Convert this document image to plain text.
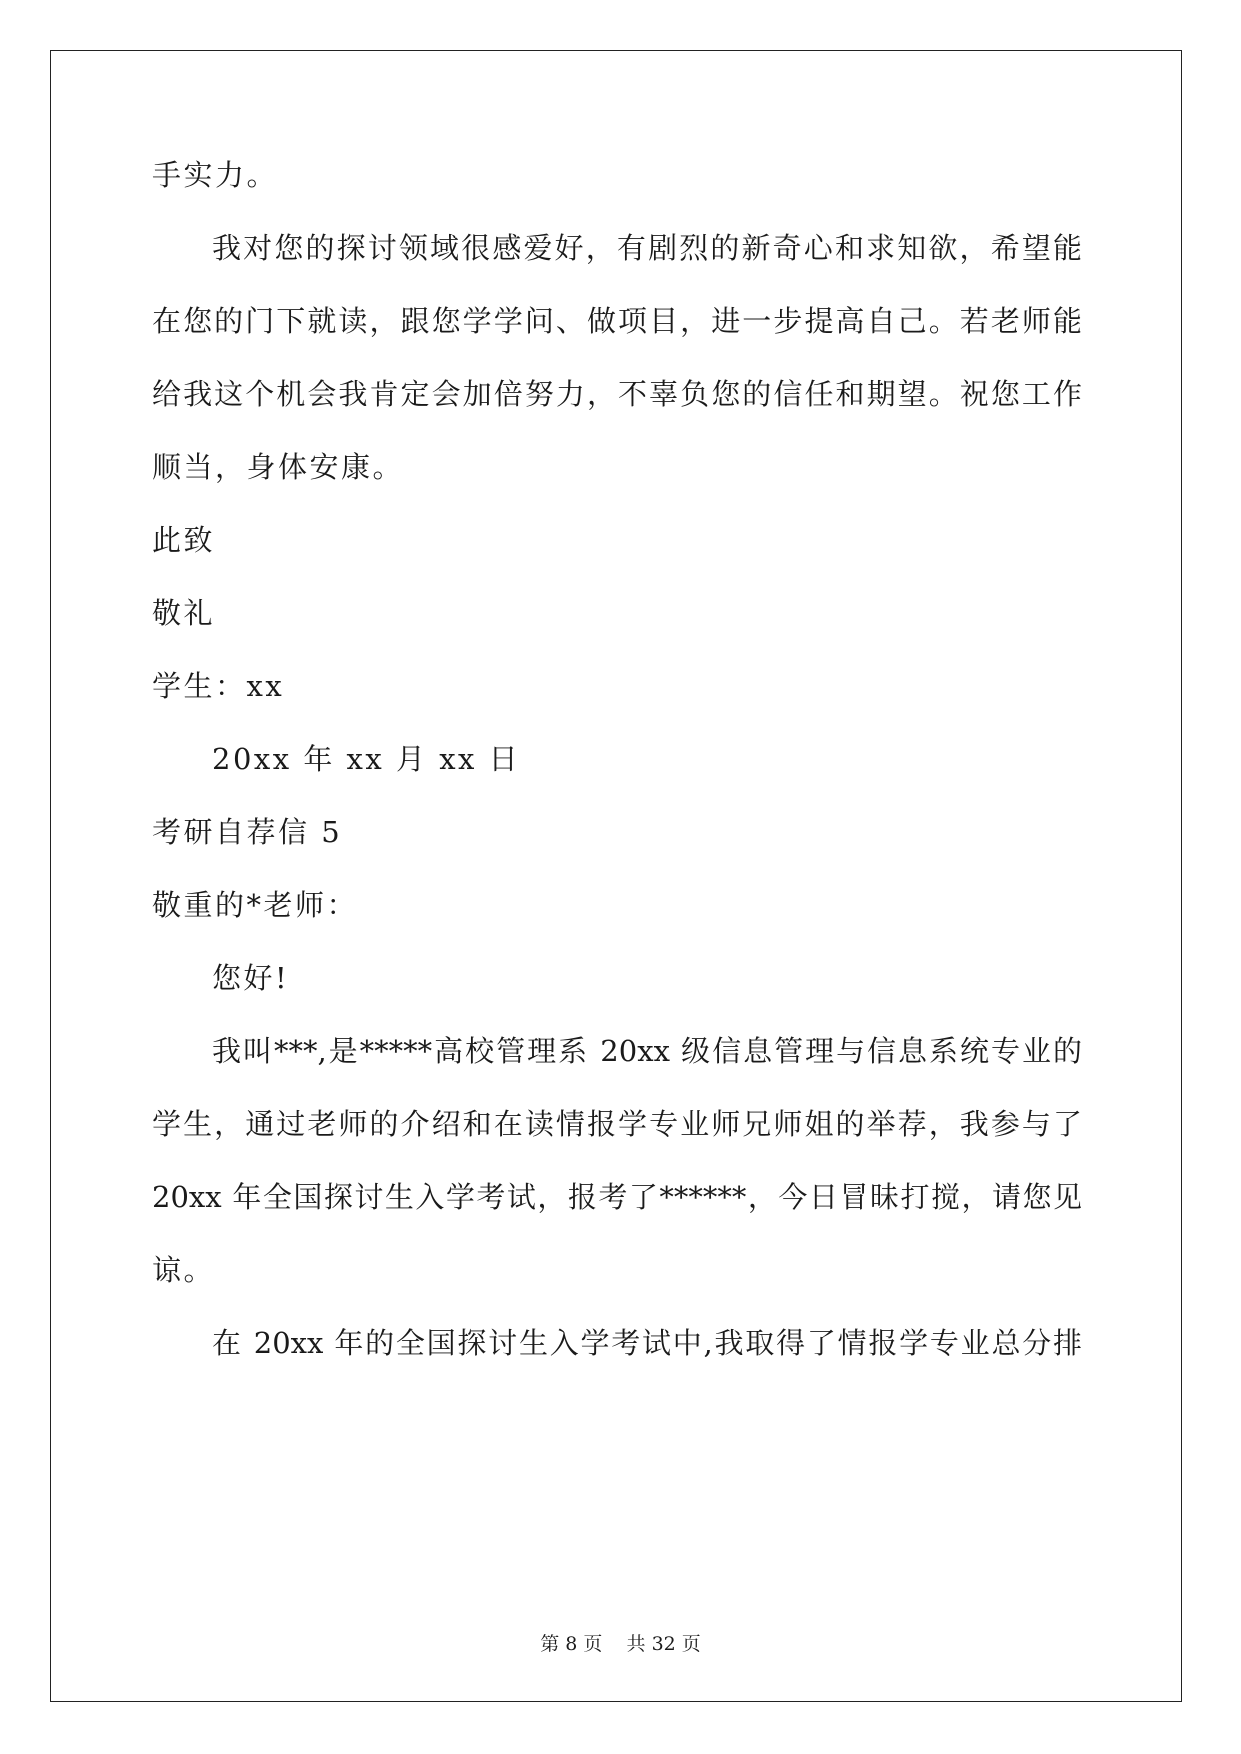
手实力。
我对您的探讨领域很感爱好，有剧烈的新奇心和求知欲，希望能
在您的门下就读，跟您学学问、做项目，进一步提高自己。若老师能
给我这个机会我肯定会加倍努力，不辜负您的信任和期望。祝您工作
顺当，身体安康。
此致
敬礼
学生：xx
20xx 年 xx 月 xx 日
考研自荐信 5
敬重的*老师：
您好!
我叫***,是*****高校管理系 20xx 级信息管理与信息系统专业的
学生，通过老师的介绍和在读情报学专业师兄师姐的举荐，我参与了
20xx 年全国探讨生入学考试，报考了******，今日冒昧打搅，请您见
谅。
在 20xx 年的全国探讨生入学考试中,我取得了情报学专业总分排
第 8 页    共 32 页
